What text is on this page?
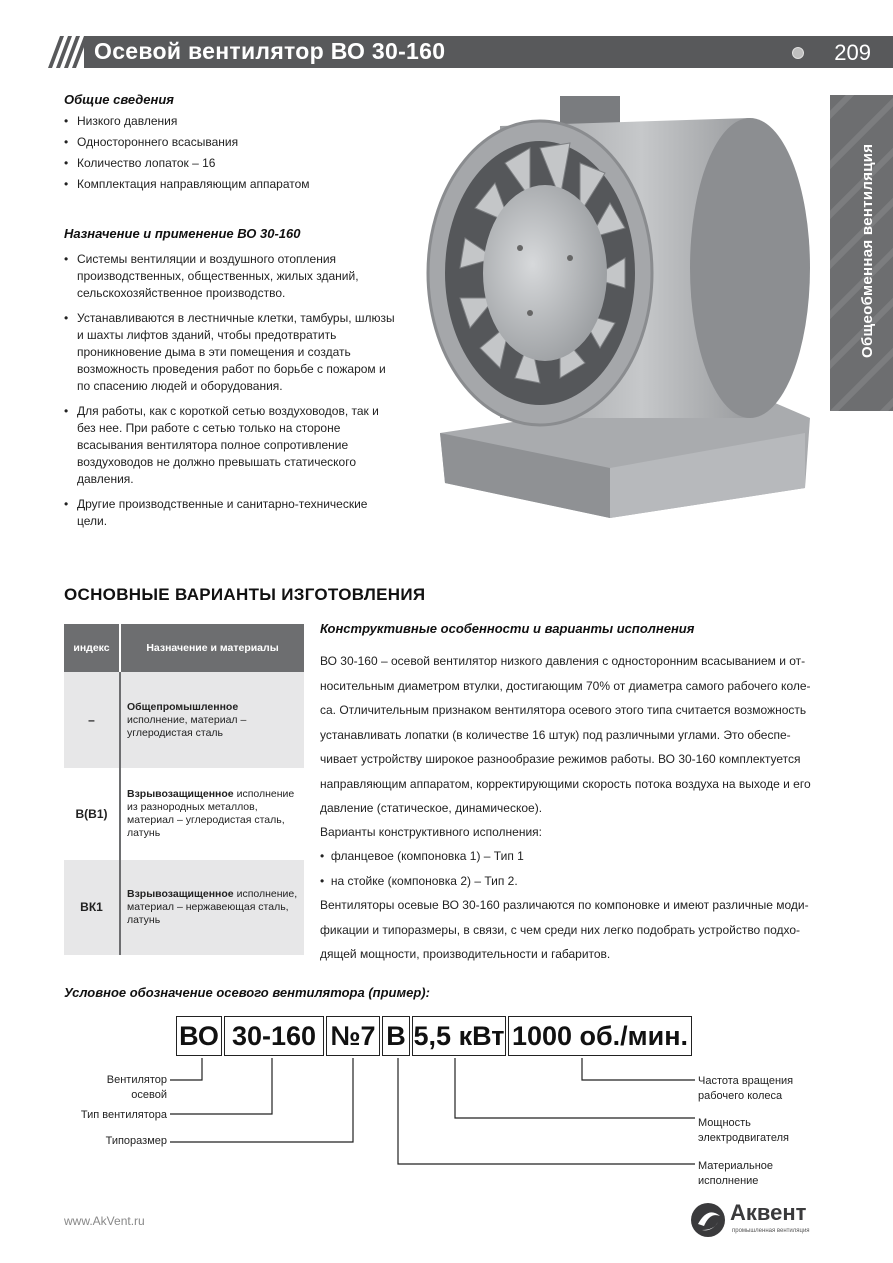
Осевой вентилятор ВО 30-160	209
Общеобменная вентиляция
Общие сведения
• Низкого давления
• Одностороннего всасывания
• Количество лопаток – 16
• Комплектация направляющим аппаратом
Назначение и применение ВО 30-160
• Системы вентиляции и воздушного отопления производственных, общественных, жилых зданий, сельскохозяйственное производство.
• Устанавливаются в лестничные клетки, тамбуры, шлюзы и шахты лифтов зданий, чтобы предотвратить проникновение дыма в эти помещения и создать возможность проведения работ по борьбе с пожаром и по спасению людей и оборудования.
• Для работы, как с короткой сетью воздуховодов, так и без нее. При работе с сетью только на стороне всасывания вентилятора полное сопротивление воздуховодов не должно превышать статического давления.
• Другие производственные и санитарно-технические цели.
ОСНОВНЫЕ ВАРИАНТЫ ИЗГОТОВЛЕНИЯ
индекс	Назначение и материалы
–	Общепромышленное исполнение, материал – углеродистая сталь
В(В1)	Взрывозащищенное исполнение из разнородных металлов, материал – углеродистая сталь, латунь
ВК1	Взрывозащищенное исполнение, материал – нержавеющая сталь, латунь
Конструктивные особенности и варианты исполнения
ВО 30-160 – осевой вентилятор низкого давления с односторонним всасыванием и от-
носительным диаметром втулки, достигающим 70% от диаметра самого рабочего коле-
са. Отличительным признаком вентилятора осевого этого типа считается возможность
устанавливать лопатки (в количестве 16 штук) под различными углами. Это обеспе-
чивает устройству широкое разнообразие режимов работы. ВО 30-160 комплектуется
направляющим аппаратом, корректирующими скорость потока воздуха на выходе и его
давление (статическое, динамическое).
Варианты конструктивного исполнения:
•  фланцевое (компоновка 1) – Тип 1
•  на стойке (компоновка 2) – Тип 2.
Вентиляторы осевые ВО 30-160 различаются по компоновке и имеют различные моди-
фикации и типоразмеры, в связи, с чем среди них легко подобрать устройство подхо-
дящей мощности, производительности и габаритов.
Условное обозначение осевого вентилятора (пример):
ВО 30-160 №7 В 5,5 кВт 1000 об./мин.
Вентилятор осевой
Тип вентилятора
Типоразмер
Частота вращения рабочего колеса
Мощность электродвигателя
Материальное исполнение
www.AkVent.ru	Аквент
промышленная вентиляция
